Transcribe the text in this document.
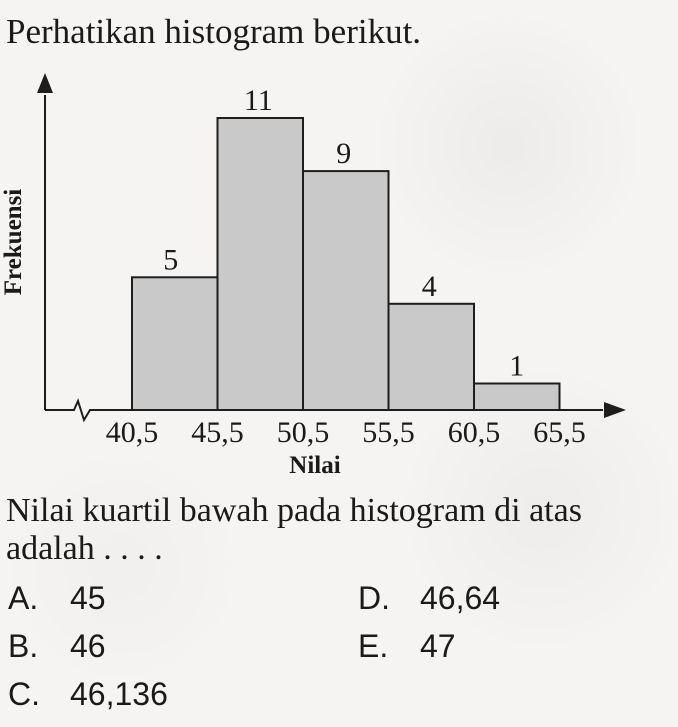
Perhatikan histogram berikut.
5
11
9
4
1
40,5 45,5 50,5 55,5 60,5 65,5
Nilai
Frekuensi
Nilai kuartil bawah pada histogram di atas adalah . . . .
A. 45
B. 46
C. 46,136
D. 46,64
E. 47
